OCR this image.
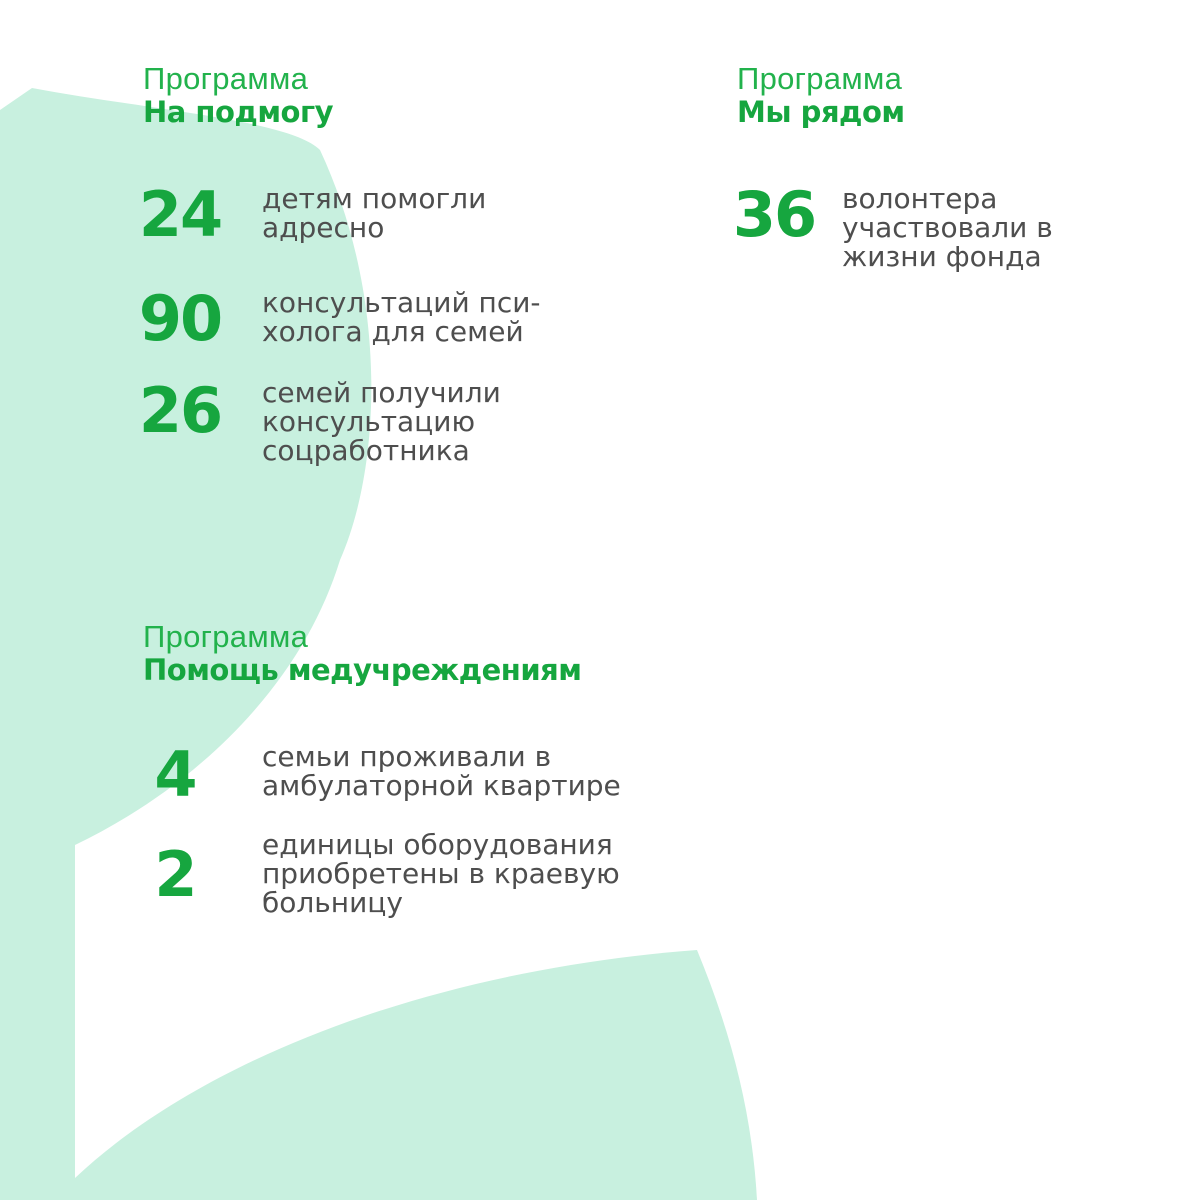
Программа
На подмогу
24	детям помогли
адресно
90	консультаций пси-
холога для семей
26	семей получили
консультацию
соцработника
Программа
Мы рядом
36 волонтера
участвовали в
жизни фонда
Программа
Помощь медучреждениям
4	семьи проживали в
амбулаторной квартире
2	единицы оборудования
приобретены в краевую
больницу
